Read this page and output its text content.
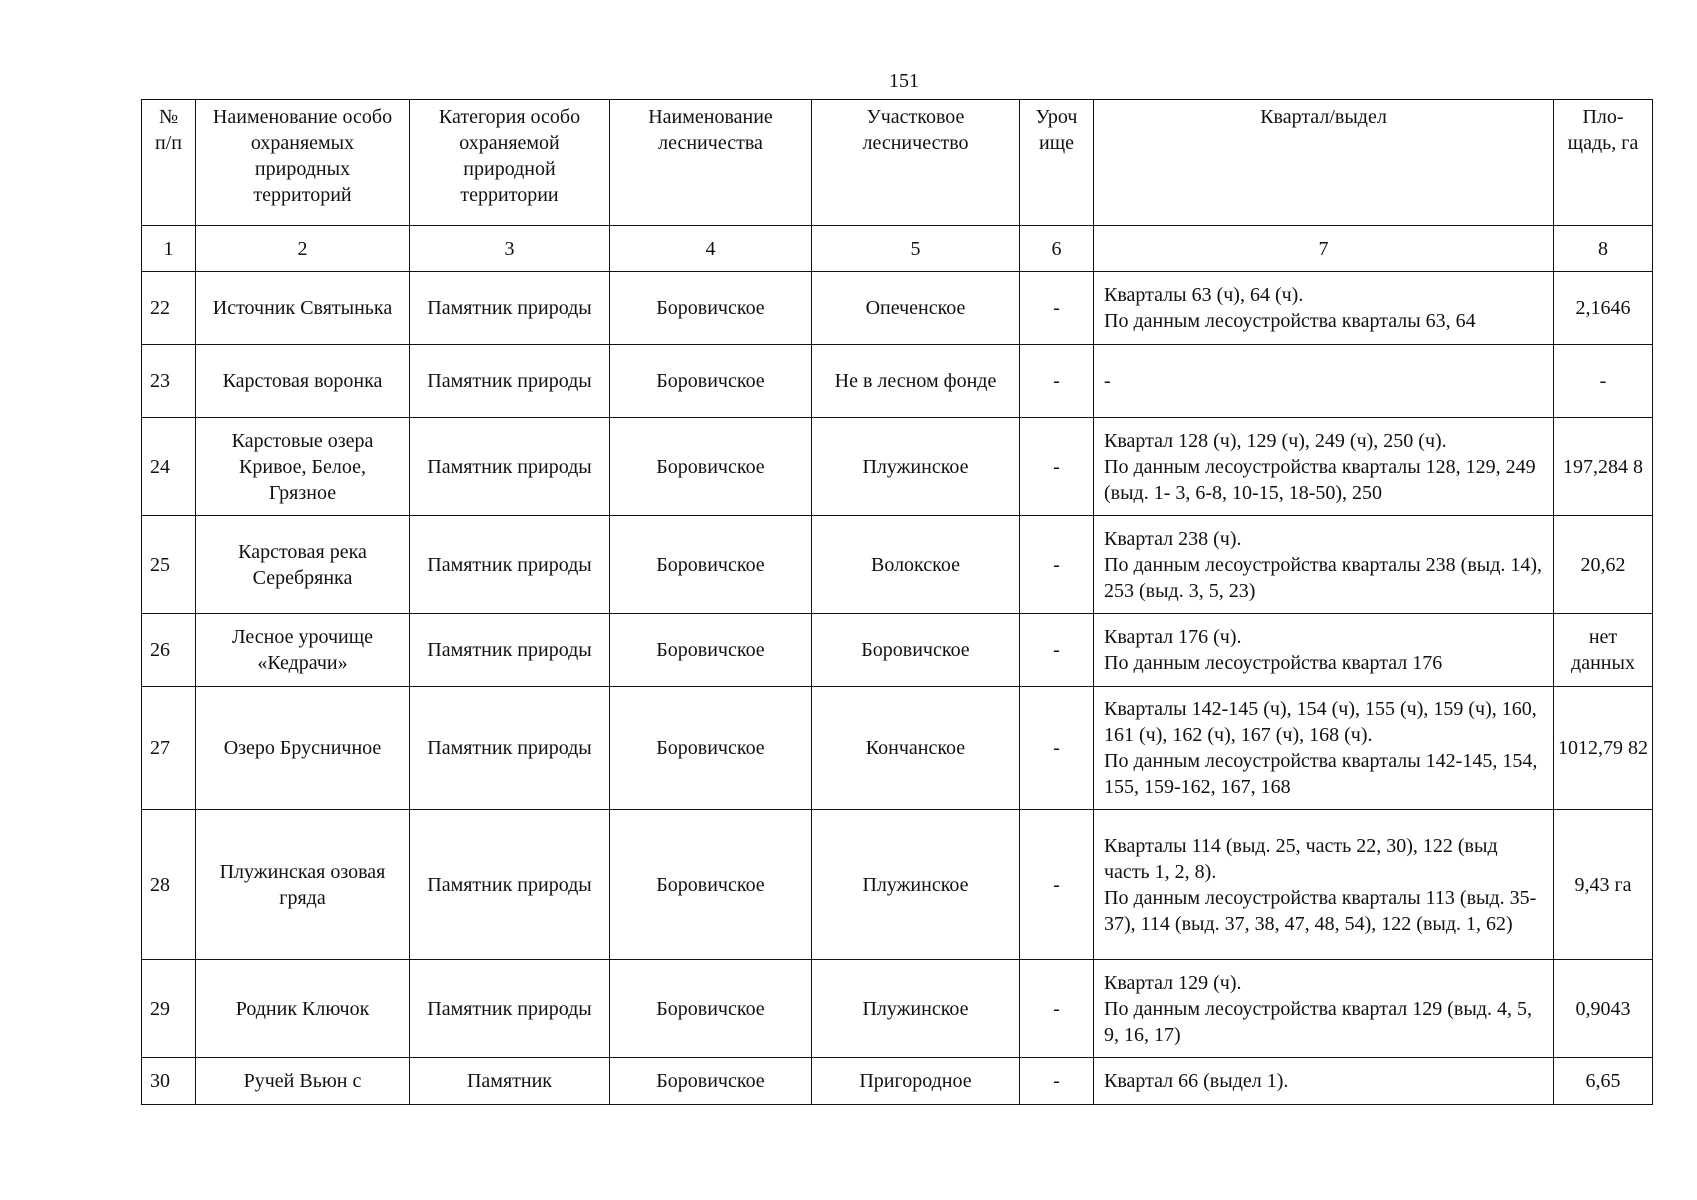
151
№ п/п	Наименование особо охраняемых природных территорий	Категория особо охраняемой природной территории	Наименование лесничества	Участковое лесничество	Уроч ище	Квартал/выдел	Пло-щадь, га
1	2	3	4	5	6	7	8
22	Источник Святынька	Памятник природы	Боровичское	Опеченское	-	Кварталы 63 (ч), 64 (ч).
По данным лесоустройства кварталы 63, 64	2,1646
23	Карстовая воронка	Памятник природы	Боровичское	Не в лесном фонде	-	-	-
24	Карстовые озера Кривое, Белое, Грязное	Памятник природы	Боровичское	Плужинское	-	Квартал 128 (ч), 129 (ч), 249 (ч), 250 (ч).
По данным лесоустройства кварталы 128, 129, 249 (выд. 1- 3, 6-8, 10-15, 18-50), 250	197,284 8
25	Карстовая река Серебрянка	Памятник природы	Боровичское	Волокское	-	Квартал 238 (ч).
По данным лесоустройства кварталы 238 (выд. 14), 253 (выд. 3, 5, 23)	20,62
26	Лесное урочище «Кедрачи»	Памятник природы	Боровичское	Боровичское	-	Квартал 176 (ч).
По данным лесоустройства квартал 176	нет данных
27	Озеро Брусничное	Памятник природы	Боровичское	Кончанское	-	Кварталы 142-145 (ч), 154 (ч), 155 (ч), 159 (ч), 160, 161 (ч), 162 (ч), 167 (ч), 168 (ч).
По данным лесоустройства кварталы 142-145, 154, 155, 159-162, 167, 168	1012,79 82
28	Плужинская озовая гряда	Памятник природы	Боровичское	Плужинское	-	Кварталы 114 (выд. 25, часть 22, 30), 122 (выд часть 1, 2, 8).
По данным лесоустройства кварталы 113 (выд. 35-37), 114 (выд. 37, 38, 47, 48, 54), 122 (выд. 1, 62)	9,43 га
29	Родник Ключок	Памятник природы	Боровичское	Плужинское	-	Квартал 129 (ч).
По данным лесоустройства квартал 129 (выд. 4, 5, 9, 16, 17)	0,9043
30	Ручей Вьюн с	Памятник	Боровичское	Пригородное	-	Квартал 66 (выдел 1).	6,65
